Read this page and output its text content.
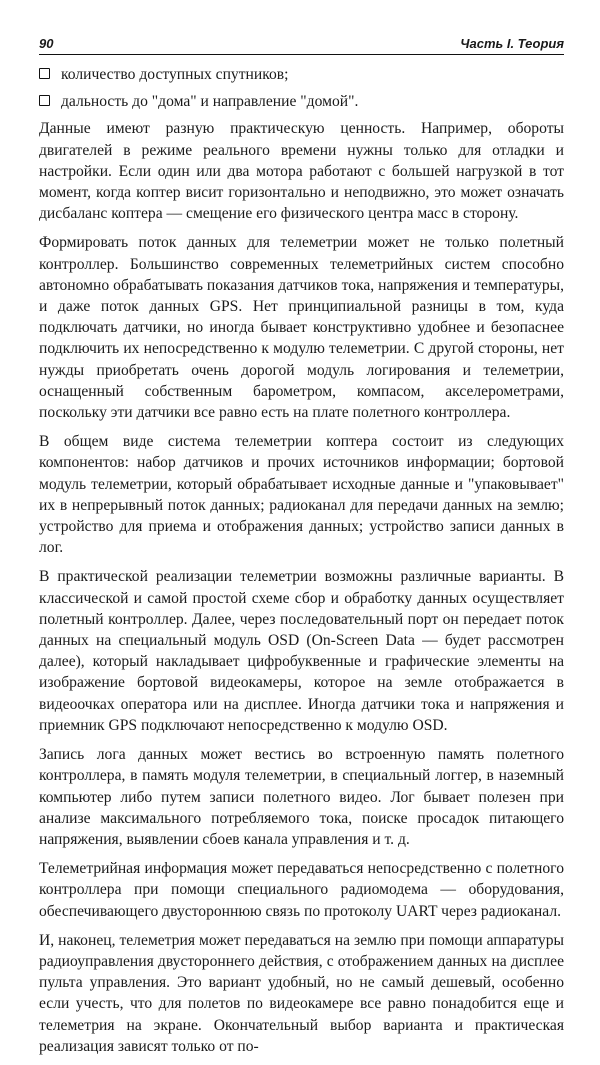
90	Часть I. Теория
количество доступных спутников;
дальность до "дома" и направление "домой".

Данные имеют разную практическую ценность. Например, обороты двигателей в режиме реального времени нужны только для отладки и настройки. Если один или два мотора работают с большей нагрузкой в тот момент, когда коптер висит горизонтально и неподвижно, это может означать дисбаланс коптера — смещение его физического центра масс в сторону.

Формировать поток данных для телеметрии может не только полетный контроллер. Большинство современных телеметрийных систем способно автономно обрабатывать показания датчиков тока, напряжения и температуры, и даже поток данных GPS. Нет принципиальной разницы в том, куда подключать датчики, но иногда бывает конструктивно удобнее и безопаснее подключить их непосредственно к модулю телеметрии. С другой стороны, нет нужды приобретать очень дорогой модуль логирования и телеметрии, оснащенный собственным барометром, компасом, акселерометрами, поскольку эти датчики все равно есть на плате полетного контроллера.

В общем виде система телеметрии коптера состоит из следующих компонентов: набор датчиков и прочих источников информации; бортовой модуль телеметрии, который обрабатывает исходные данные и "упаковывает" их в непрерывный поток данных; радиоканал для передачи данных на землю; устройство для приема и отображения данных; устройство записи данных в лог.

В практической реализации телеметрии возможны различные варианты. В классической и самой простой схеме сбор и обработку данных осуществляет полетный контроллер. Далее, через последовательный порт он передает поток данных на специальный модуль OSD (On-Screen Data — будет рассмотрен далее), который накладывает цифробуквенные и графические элементы на изображение бортовой видеокамеры, которое на земле отображается в видеоочках оператора или на дисплее. Иногда датчики тока и напряжения и приемник GPS подключают непосредственно к модулю OSD.

Запись лога данных может вестись во встроенную память полетного контроллера, в память модуля телеметрии, в специальный логгер, в наземный компьютер либо путем записи полетного видео. Лог бывает полезен при анализе максимального потребляемого тока, поиске просадок питающего напряжения, выявлении сбоев канала управления и т. д.

Телеметрийная информация может передаваться непосредственно с полетного контроллера при помощи специального радиомодема — оборудования, обеспечивающего двустороннюю связь по протоколу UART через радиоканал.

И, наконец, телеметрия может передаваться на землю при помощи аппаратуры радиоуправления двустороннего действия, с отображением данных на дисплее пульта управления. Это вариант удобный, но не самый дешевый, особенно если учесть, что для полетов по видеокамере все равно понадобится еще и телеметрия на экране. Окончательный выбор варианта и практическая реализация зависят только от по-
